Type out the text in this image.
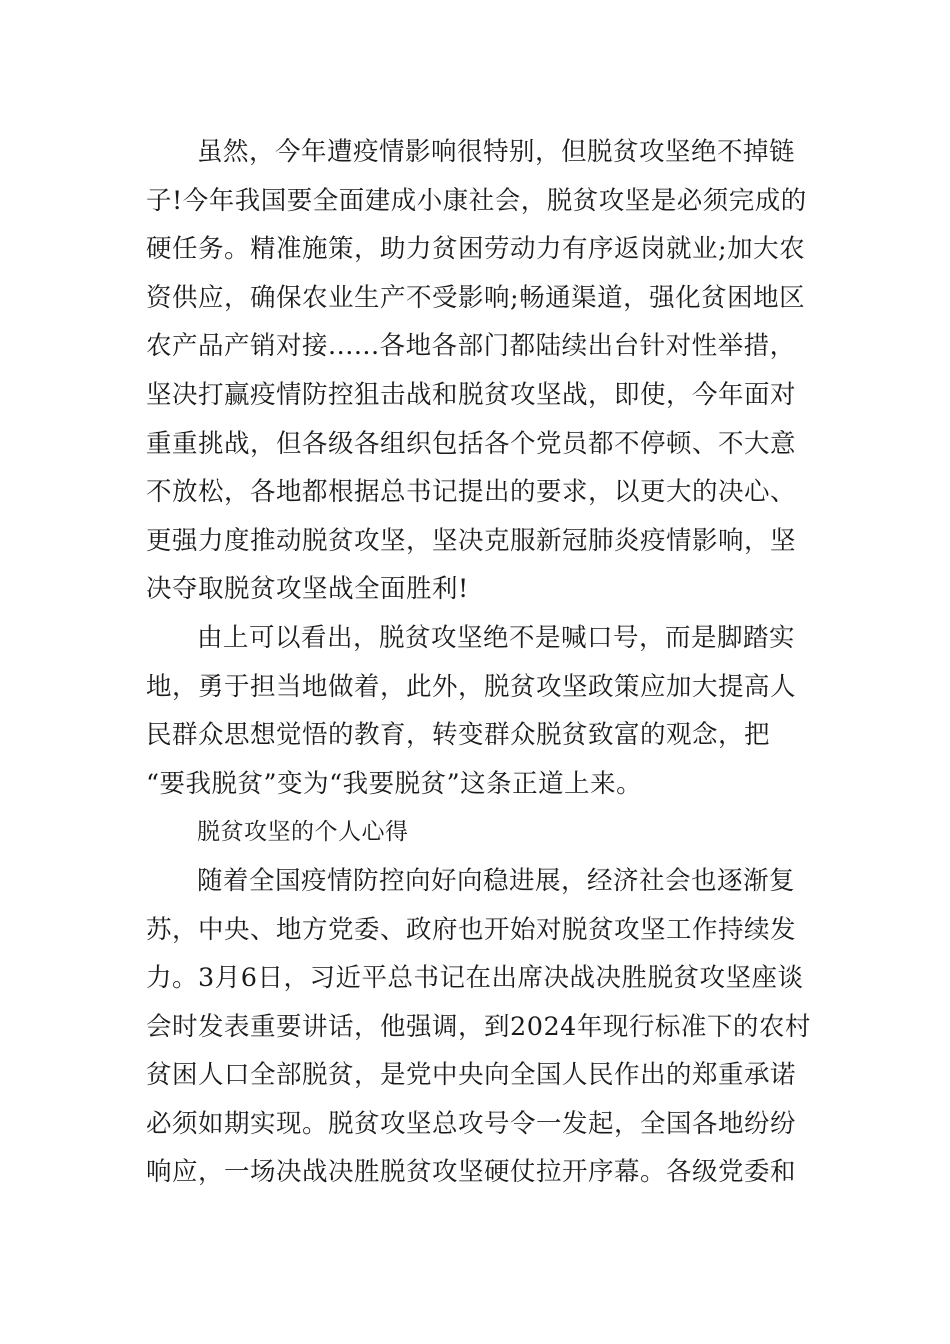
虽然，今年遭疫情影响很特别，但脱贫攻坚绝不掉链
子!今年我国要全面建成小康社会，脱贫攻坚是必须完成的
硬任务。精准施策，助力贫困劳动力有序返岗就业;加大农
资供应，确保农业生产不受影响;畅通渠道，强化贫困地区
农产品产销对接......各地各部门都陆续出台针对性举措，
坚决打赢疫情防控狙击战和脱贫攻坚战，即使，今年面对
重重挑战，但各级各组织包括各个党员都不停顿、不大意
不放松，各地都根据总书记提出的要求，以更大的决心、
更强力度推动脱贫攻坚，坚决克服新冠肺炎疫情影响，坚
决夺取脱贫攻坚战全面胜利!
由上可以看出，脱贫攻坚绝不是喊口号，而是脚踏实
地，勇于担当地做着，此外，脱贫攻坚政策应加大提高人
民群众思想觉悟的教育，转变群众脱贫致富的观念，把
“要我脱贫”变为“我要脱贫”这条正道上来。
脱贫攻坚的个人心得
随着全国疫情防控向好向稳进展，经济社会也逐渐复
苏，中央、地方党委、政府也开始对脱贫攻坚工作持续发
力。3月6日，习近平总书记在出席决战决胜脱贫攻坚座谈
会时发表重要讲话，他强调，到2024年现行标准下的农村
贫困人口全部脱贫，是党中央向全国人民作出的郑重承诺
必须如期实现。脱贫攻坚总攻号令一发起，全国各地纷纷
响应，一场决战决胜脱贫攻坚硬仗拉开序幕。各级党委和
